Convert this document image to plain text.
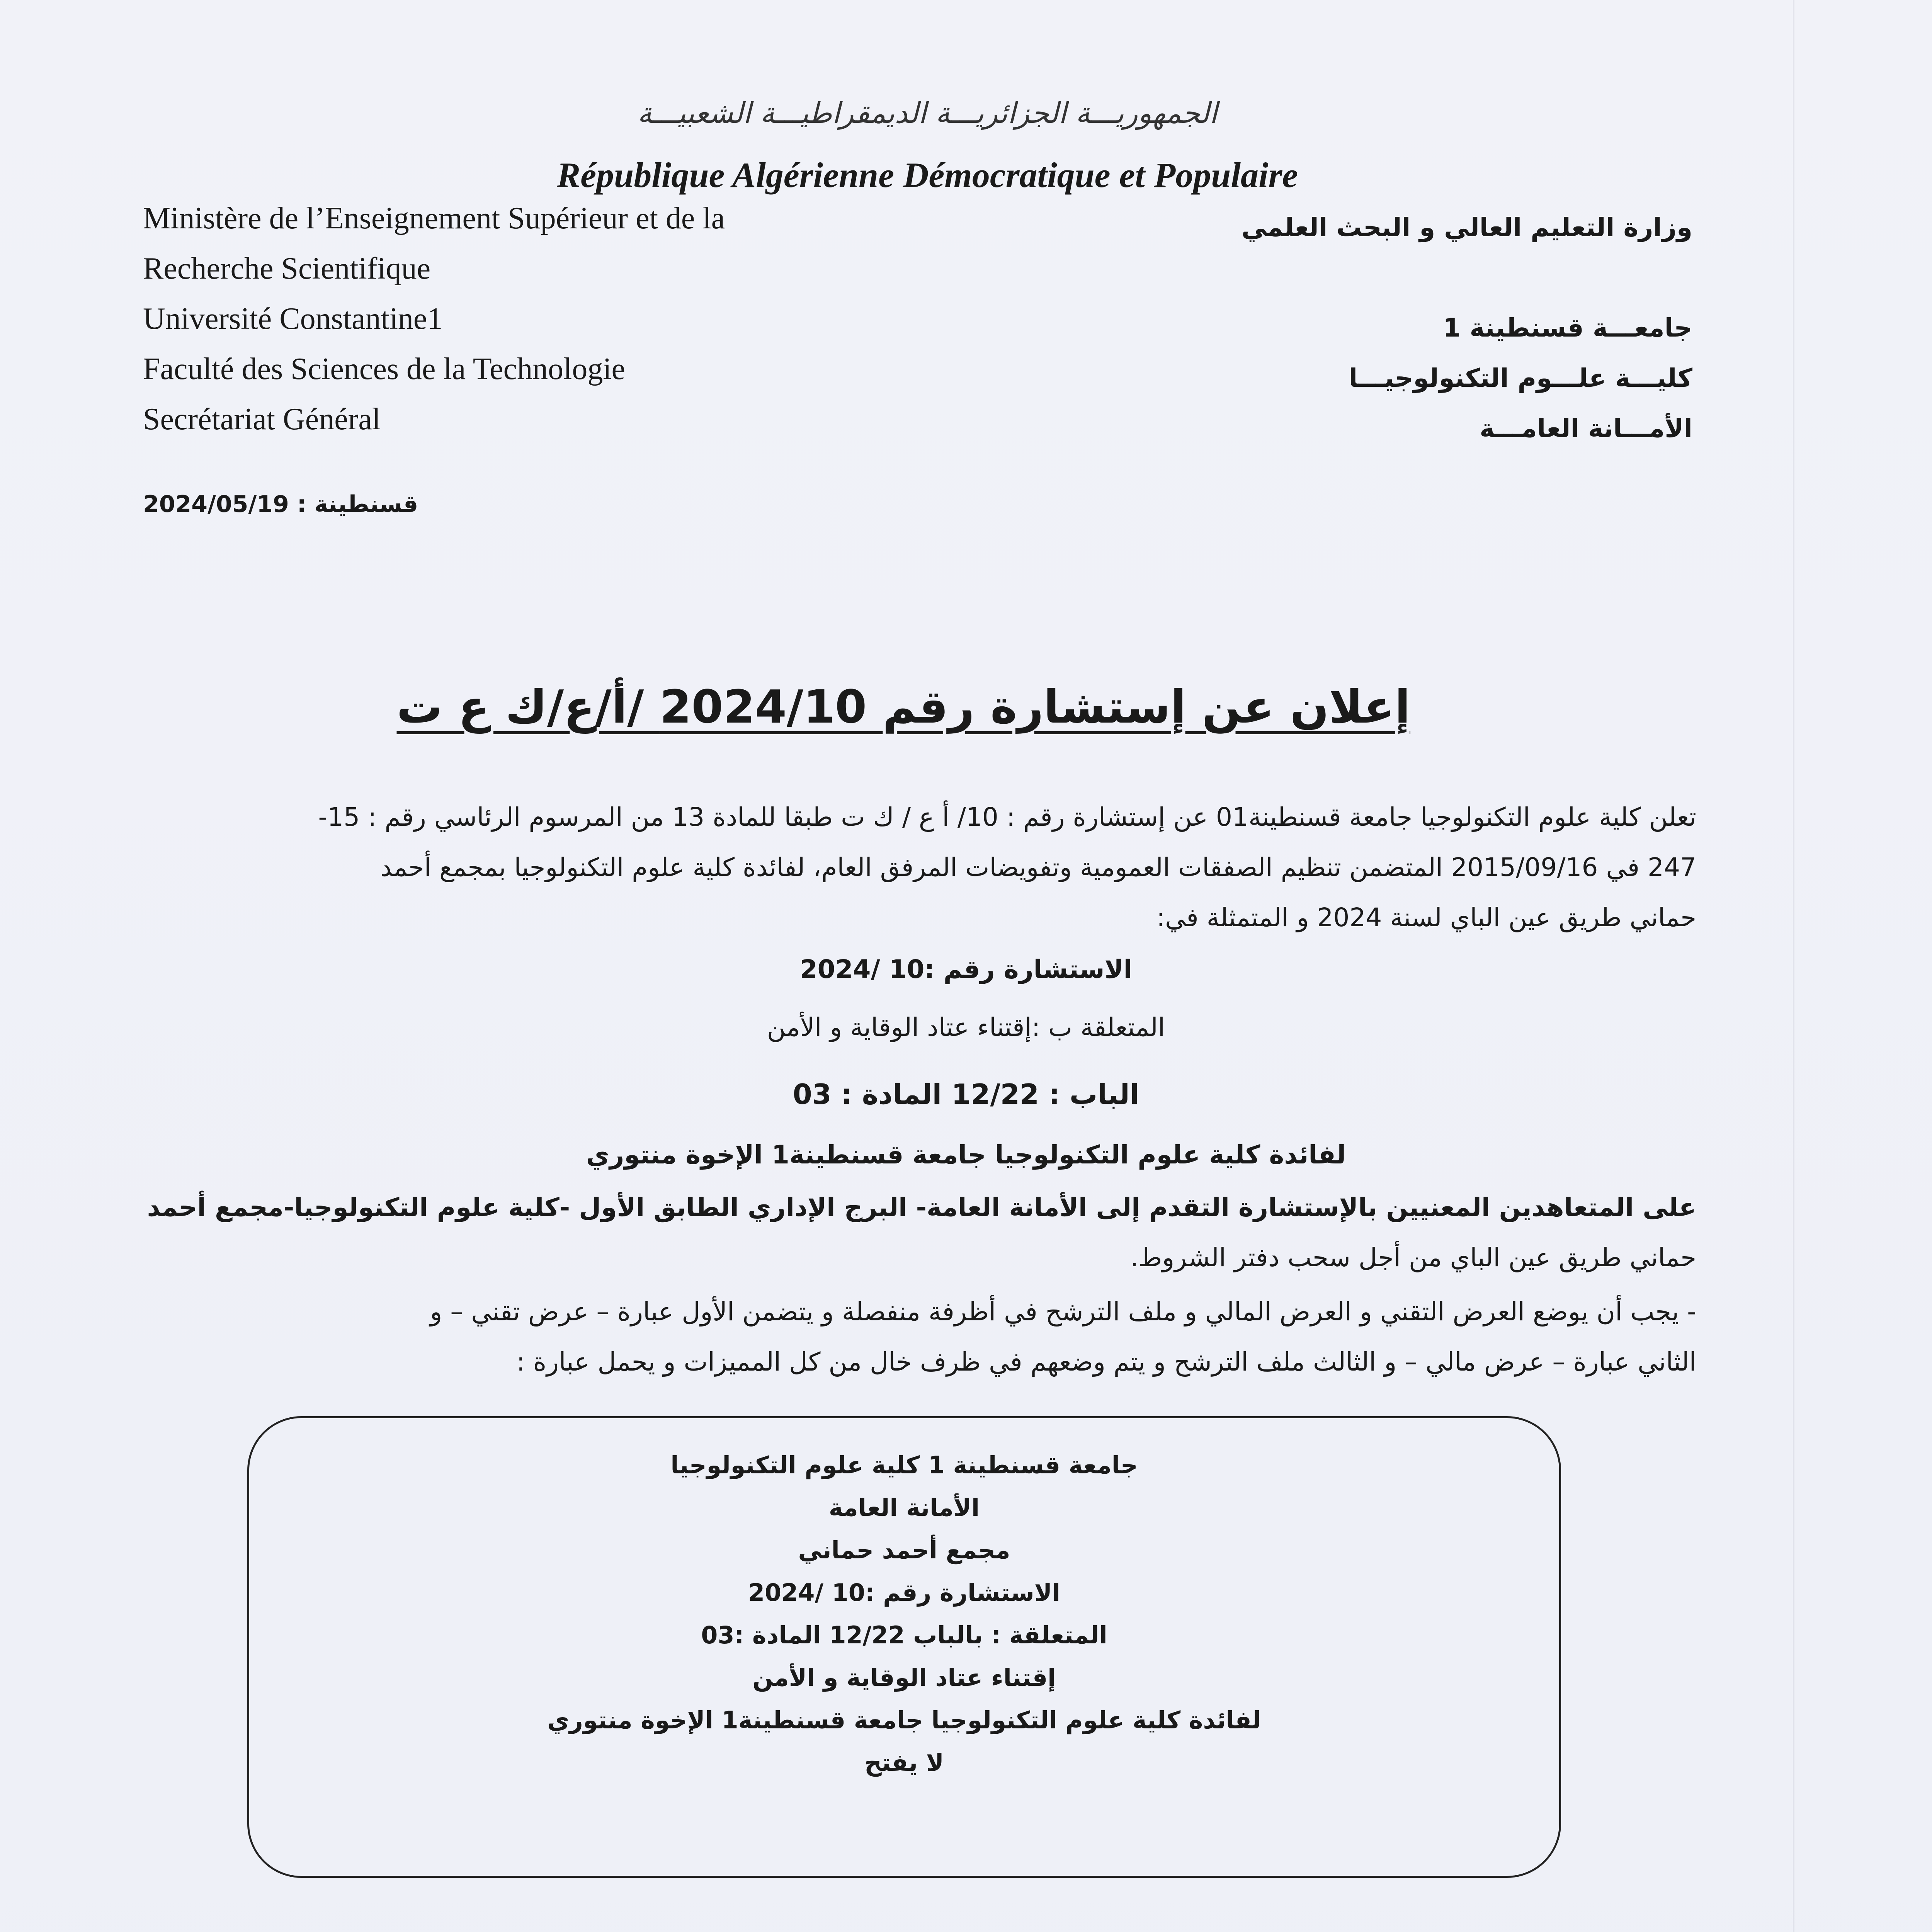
الجمهوريـــة الجزائريـــة الديمقراطيـــة الشعبيـــة
République Algérienne Démocratique et Populaire
Ministère de l’Enseignement Supérieur et de la
Recherche Scientifique
Université Constantine1
Faculté des Sciences de la Technologie
Secrétariat Général
قسنطينة : 2024/05/19
وزارة التعليم العالي و البحث العلمي
جامعـــة قسنطينة 1
كليـــة علـــوم التكنولوجيـــا
الأمـــانة العامـــة
إعلان عن إستشارة رقم 2024/10 /أ/ع/ك ع ت
تعلن كلية علوم التكنولوجيا جامعة قسنطينة01 عن إستشارة رقم : 10/ أ ع / ك ت طبقا للمادة 13 من المرسوم الرئاسي رقم : 15-
247 في 2015/09/16 المتضمن تنظيم الصفقات العمومية وتفويضات المرفق العام، لفائدة كلية علوم التكنولوجيا بمجمع أحمد
حماني طريق عين الباي لسنة 2024 و المتمثلة في:
الاستشارة رقم :10 /2024
المتعلقة ب :إقتناء عتاد الوقاية و الأمن
الباب : 12/22 المادة : 03
لفائدة كلية علوم التكنولوجيا جامعة قسنطينة1 الإخوة منتوري
على المتعاهدين المعنيين بالإستشارة التقدم إلى الأمانة العامة- البرج الإداري الطابق الأول -كلية علوم التكنولوجيا-مجمع أحمد
حماني طريق عين الباي من أجل سحب دفتر الشروط.
- يجب أن يوضع العرض التقني و العرض المالي و ملف الترشح في أظرفة منفصلة و يتضمن الأول عبارة – عرض تقني – و
الثاني عبارة – عرض مالي – و الثالث ملف الترشح و يتم وضعهم في ظرف خال من كل المميزات و يحمل عبارة :
جامعة قسنطينة 1 كلية علوم التكنولوجيا
الأمانة العامة
مجمع أحمد حماني
الاستشارة رقم :10 /2024
المتعلقة : بالباب 12/22 المادة :03
إقتناء عتاد الوقاية و الأمن
لفائدة كلية علوم التكنولوجيا جامعة قسنطينة1 الإخوة منتوري
لا يفتح
